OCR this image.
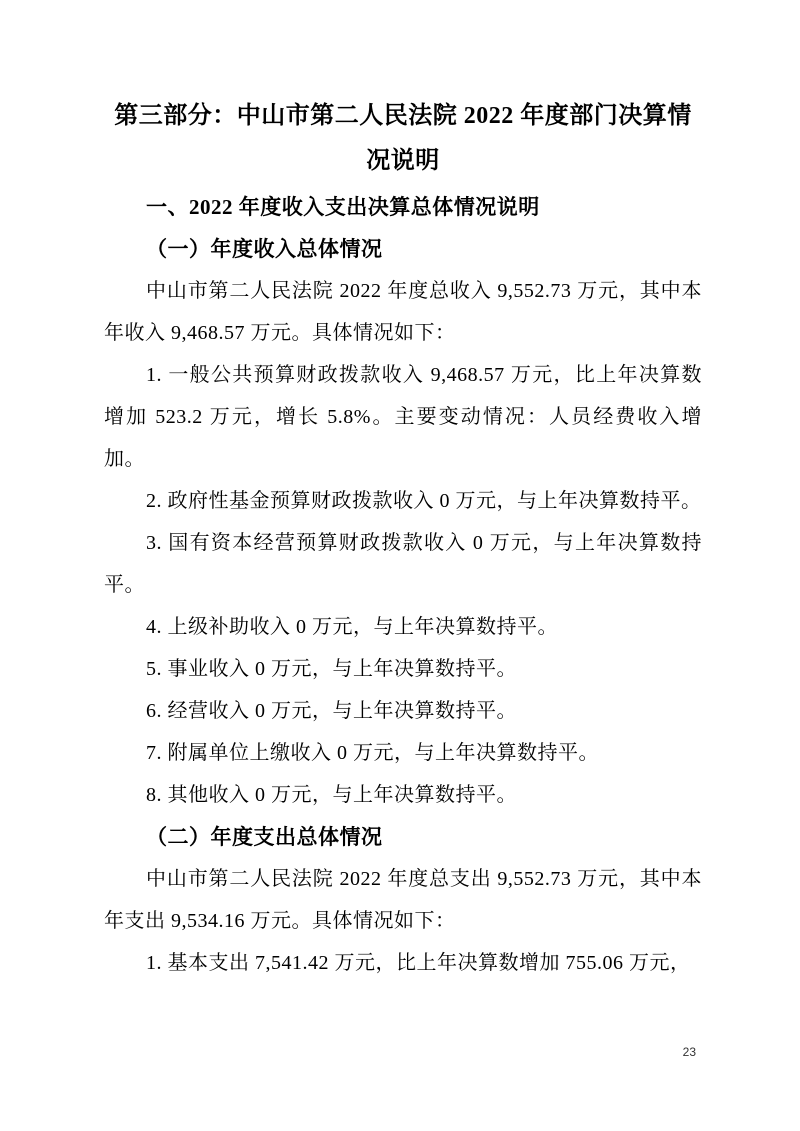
第三部分：中山市第二人民法院 2022 年度部门决算情况说明
一、2022 年度收入支出决算总体情况说明
（一）年度收入总体情况

中山市第二人民法院 2022 年度总收入 9,552.73 万元，其中本年收入 9,468.57 万元。具体情况如下：

1. 一般公共预算财政拨款收入 9,468.57 万元，比上年决算数增加 523.2 万元，增长 5.8%。主要变动情况：人员经费收入增加。

2. 政府性基金预算财政拨款收入 0 万元，与上年决算数持平。

3. 国有资本经营预算财政拨款收入 0 万元，与上年决算数持平。

4. 上级补助收入 0 万元，与上年决算数持平。

5. 事业收入 0 万元，与上年决算数持平。

6. 经营收入 0 万元，与上年决算数持平。

7. 附属单位上缴收入 0 万元，与上年决算数持平。

8. 其他收入 0 万元，与上年决算数持平。

（二）年度支出总体情况

中山市第二人民法院 2022 年度总支出 9,552.73 万元，其中本年支出 9,534.16 万元。具体情况如下：

1. 基本支出 7,541.42 万元，比上年决算数增加 755.06 万元，

23
